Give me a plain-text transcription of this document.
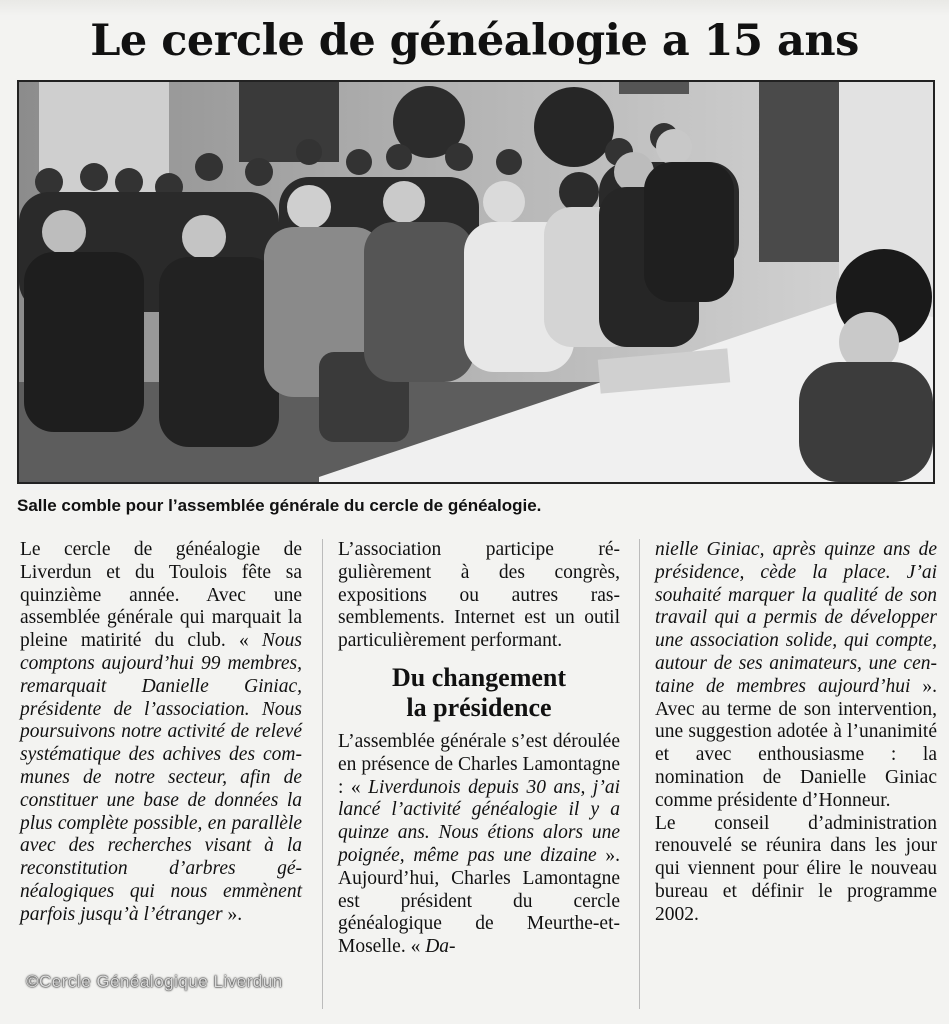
Le cercle de généalogie a 15 ans
Salle comble pour l’assemblée générale du cercle de généalogie.

Le cercle de généalogie de Liverdun et du Toulois fête sa quinzième année. Avec une assemblée générale qui marquait la pleine matirité du club. « Nous comptons aujourd’hui 99 membres, remarquait Danielle Giniac, présidente de l’association. Nous poursuivons notre activité de relevé systématique des achives des communes de notre secteur, afin de constituer une base de données la plus complète possible, en parallèle avec des recherches visant à la reconstitution d’arbres généalogiques qui nous emmènent parfois jusqu’à l’étranger ».

L’association participe régulièrement à des congrès, expositions ou autres rassemblements. Internet est un outil particulièrement performant.

Du changement
la présidence

L’assemblée générale s’est déroulée en présence de Charles Lamontagne : « Liverdunois depuis 30 ans, j’ai lancé l’activité généalogie il y a quinze ans. Nous étions alors une poignée, même pas une dizaine ». Aujourd’hui, Charles Lamontagne est président du cercle généalogique de Meurthe-et-Moselle. « Da-

nielle Giniac, après quinze ans de présidence, cède la place. J’ai souhaité marquer la qualité de son travail qui a permis de développer une association solide, qui compte, autour de ses animateurs, une centaine de membres aujourd’hui ». Avec au terme de son intervention, une suggestion adotée à l’unanimité et avec enthousiasme : la nomination de Danielle Giniac comme présidente d’Honneur.

Le conseil d’administration renouvelé se réunira dans les jour qui viennent pour élire le nouveau bureau et définir le programme 2002.

©Cercle Généalogique Liverdun
